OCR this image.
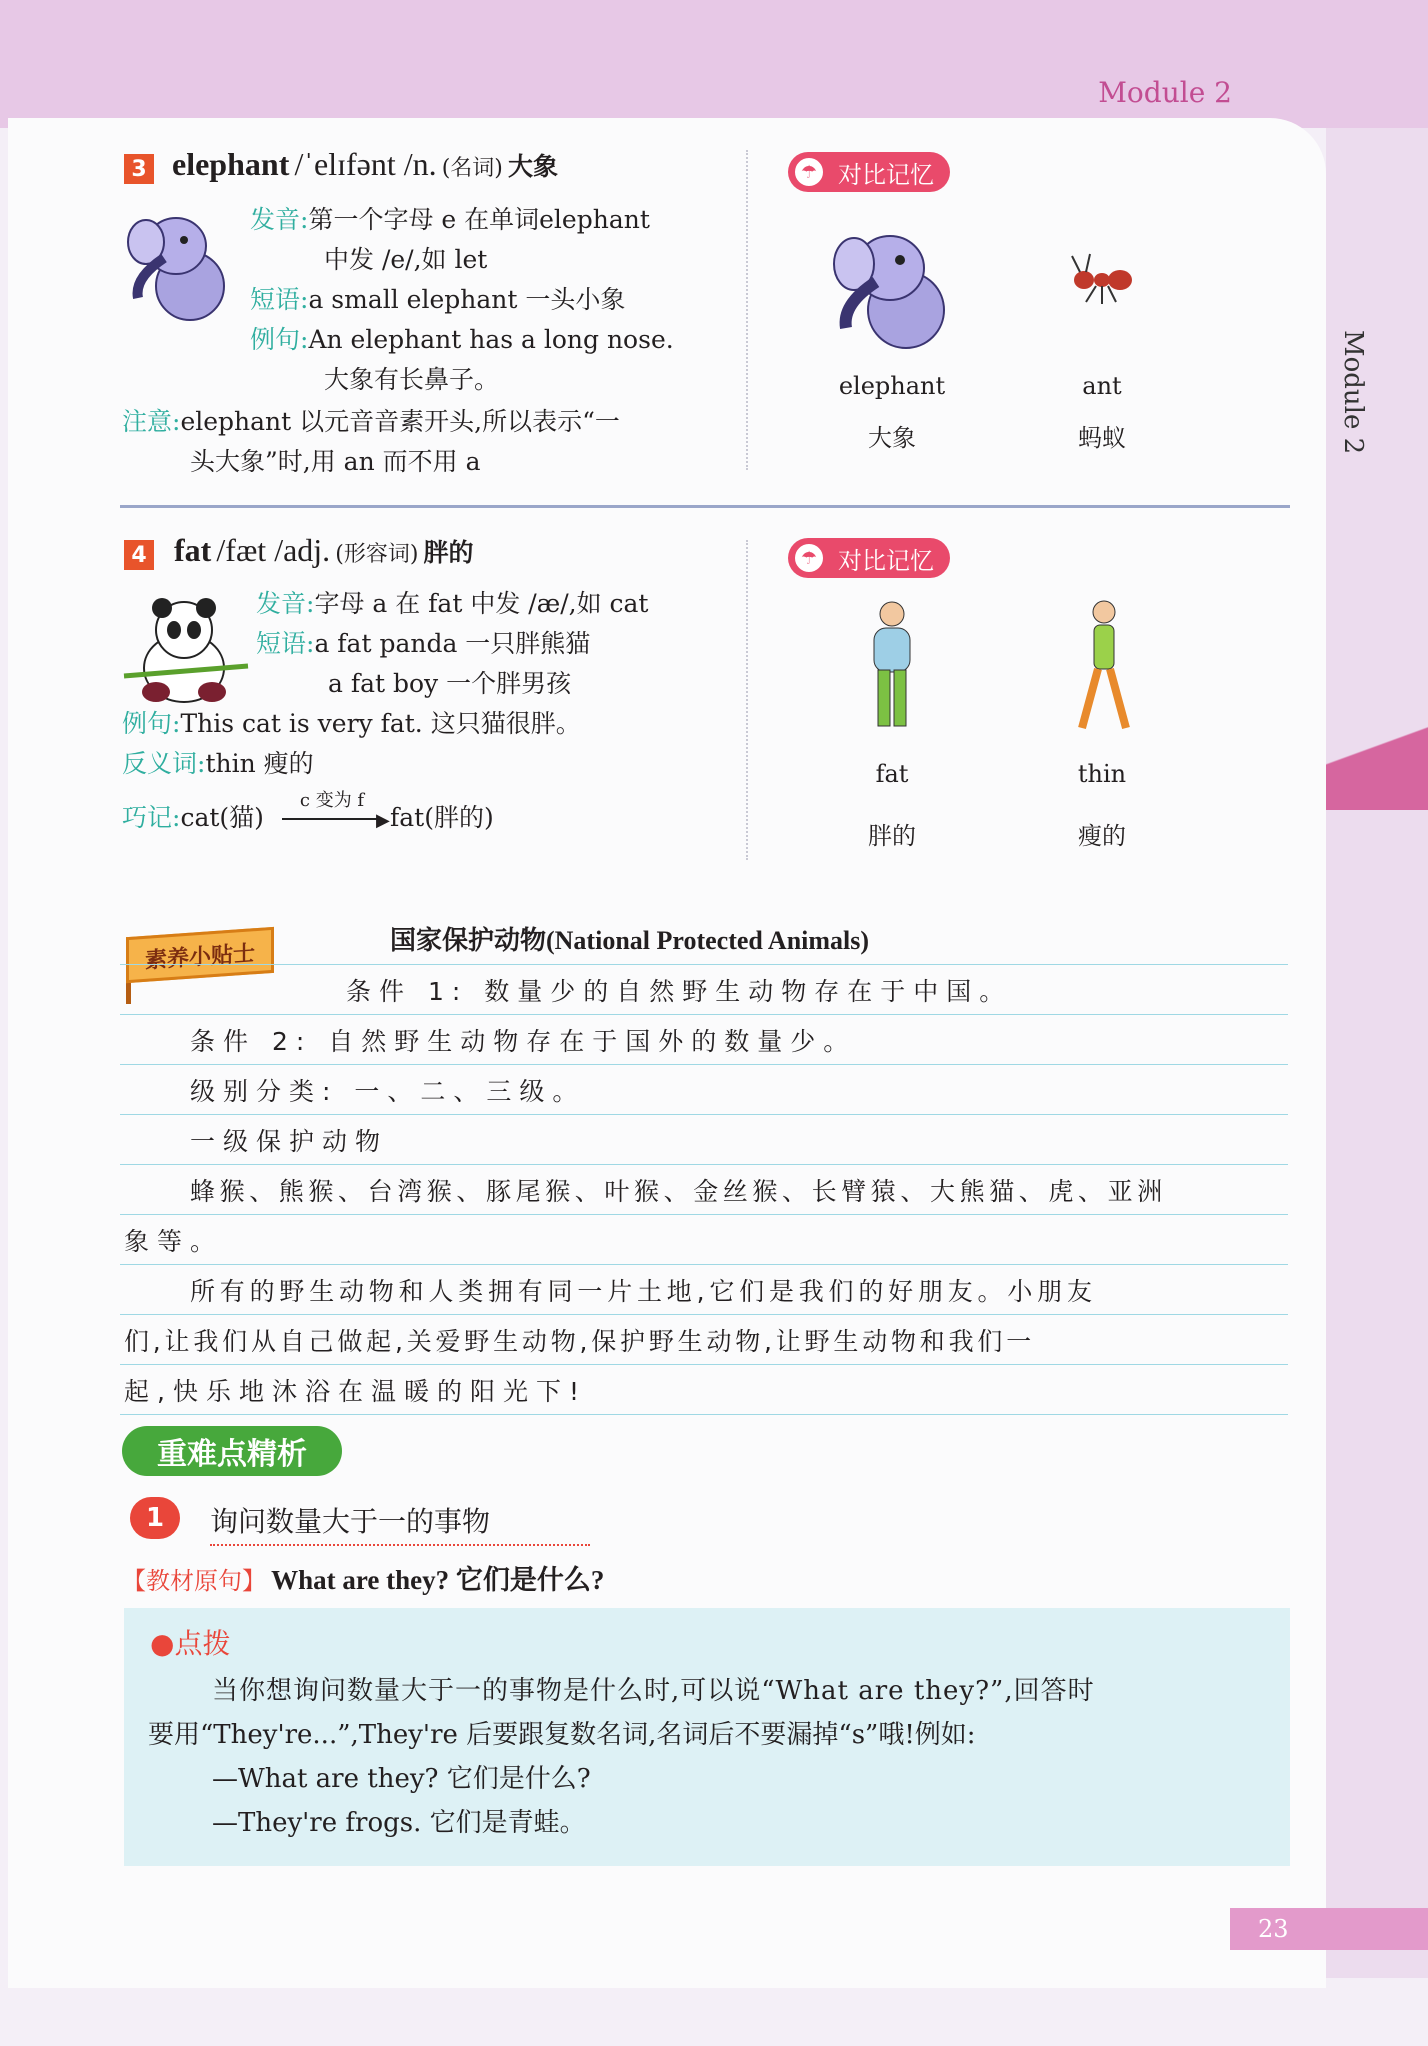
Module 2
Module 2
3 elephant /ˈelɪfənt /n. (名词) 大象
发音:第一个字母 e 在单词elephant
中发 /e/,如 let
短语:a small elephant 一头小象
例句:An elephant has a long nose.
大象有长鼻子。
注意:elephant 以元音音素开头,所以表示“一
头大象”时,用 an 而不用 a
☂ 对比记忆
elephant
大象
ant
蚂蚁
4 fat /fæt /adj. (形容词) 胖的
发音:字母 a 在 fat 中发 /æ/,如 cat
短语:a fat panda 一只胖熊猫
a fat boy 一个胖男孩
例句:This cat is very fat. 这只猫很胖。
反义词:thin 瘦的
巧记:cat(猫)
c 变为 f
▶ fat(胖的)
☂ 对比记忆
fat
胖的
thin
瘦的
素养小贴士
国家保护动物(National Protected Animals)
条件 1: 数量少的自然野生动物存在于中国。
条件 2: 自然野生动物存在于国外的数量少。
级别分类: 一、二、三级。
一级保护动物
蜂猴、熊猴、台湾猴、豚尾猴、叶猴、金丝猴、长臂猿、大熊猫、虎、亚洲
象等。
所有的野生动物和人类拥有同一片土地,它们是我们的好朋友。小朋友
们,让我们从自己做起,关爱野生动物,保护野生动物,让野生动物和我们一
起,快乐地沐浴在温暖的阳光下!
重难点精析
1	询问数量大于一的事物
【教材原句】 What are they? 它们是什么?
●点拨
当你想询问数量大于一的事物是什么时,可以说“What are they?”,回答时
要用“They're...”,They're 后要跟复数名词,名词后不要漏掉“s”哦!例如:
—What are they? 它们是什么?
—They're frogs. 它们是青蛙。
23
